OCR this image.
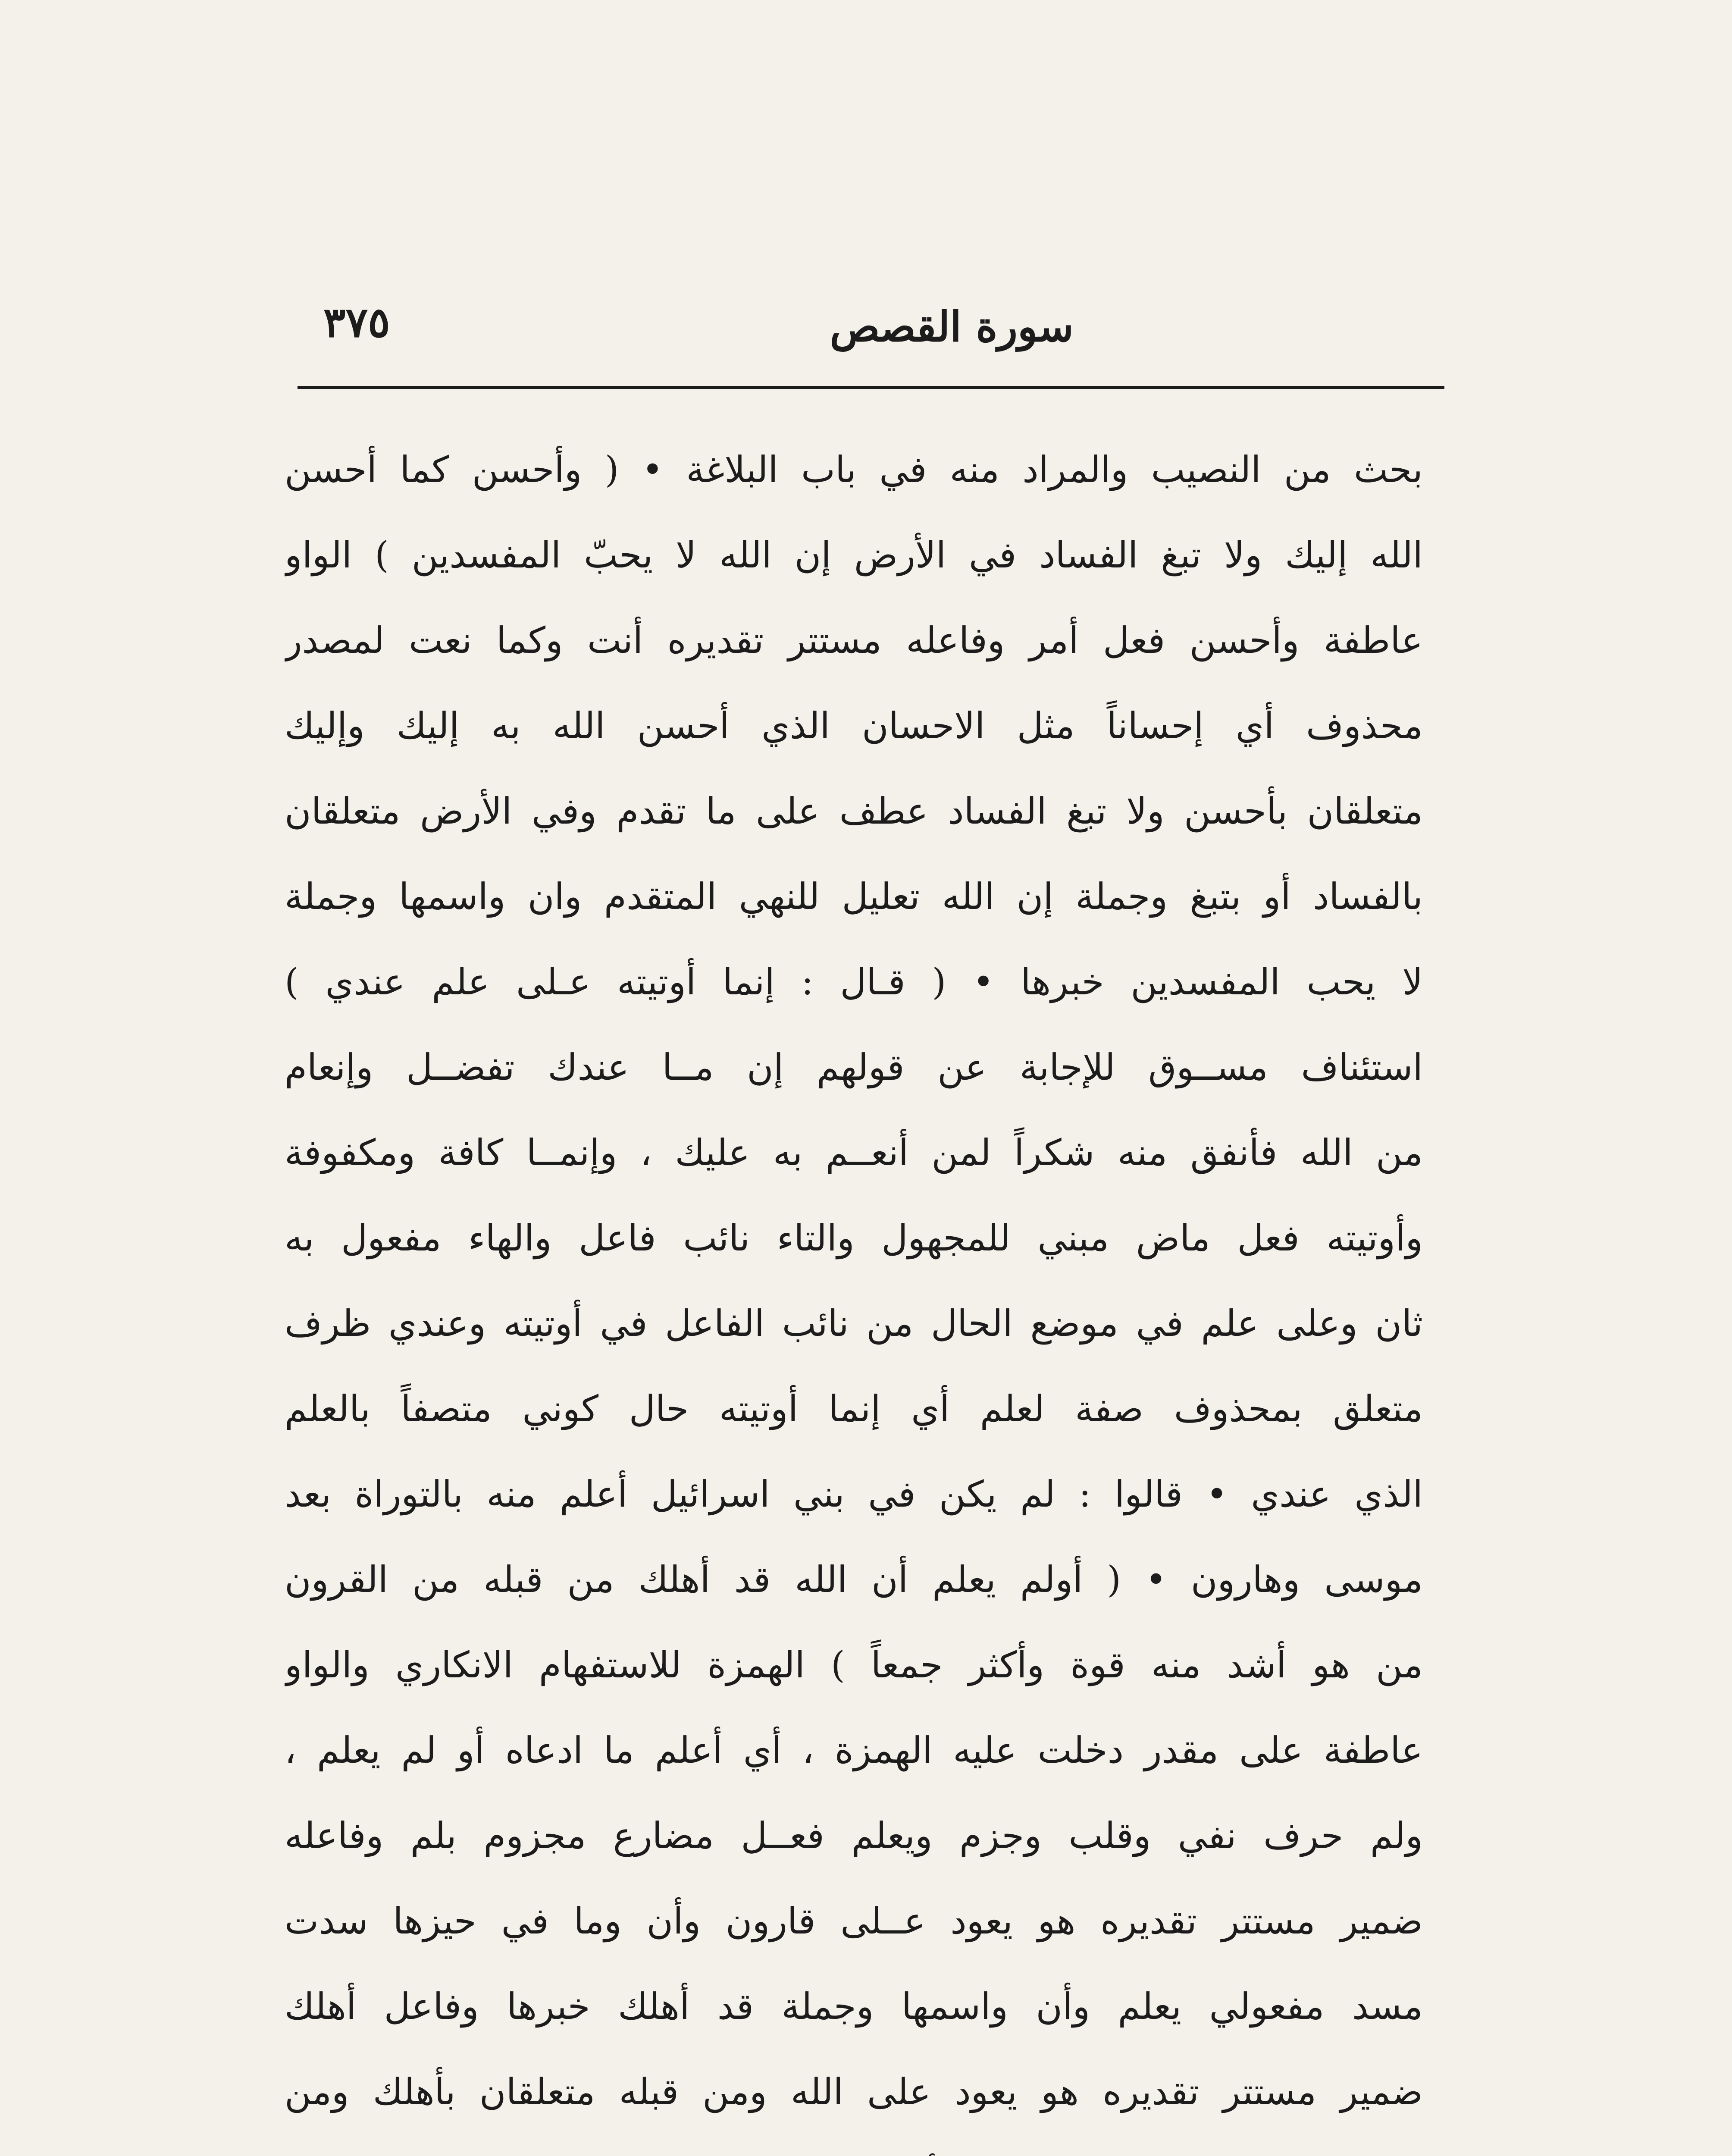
سورة القصص
٣٧٥
بحث من النصيب والمراد منه في باب البلاغة • ( وأحسن كما أحسن
الله إليك ولا تبغ الفساد في الأرض إن الله لا يحبّ المفسدين ) الواو
عاطفة وأحسن فعل أمر وفاعله مستتر تقديره أنت وكما نعت لمصدر
محذوف أي إحساناً مثل الاحسان الذي أحسن الله به إليك وإليك
متعلقان بأحسن ولا تبغ الفساد عطف على ما تقدم وفي الأرض متعلقان
بالفساد أو بتبغ وجملة إن الله تعليل للنهي المتقدم وان واسمها وجملة
لا يحب المفسدين خبرها • ( قـال : إنما أوتيته عـلى علم عندي )
استئناف مســوق للإجابة عن قولهم إن مــا عندك تفضــل وإنعام
من الله فأنفق منه شكراً لمن أنعــم به عليك ، وإنمــا كافة ومكفوفة
وأوتيته فعل ماض مبني للمجهول والتاء نائب فاعل والهاء مفعول به
ثان وعلى علم في موضع الحال من نائب الفاعل في أوتيته وعندي ظرف
متعلق بمحذوف صفة لعلم أي إنما أوتيته حال كوني متصفاً بالعلم
الذي عندي • قالوا : لم يكن في بني اسرائيل أعلم منه بالتوراة بعد
موسى وهارون • ( أولم يعلم أن الله قد أهلك من قبله من القرون
من هو أشد منه قوة وأكثر جمعاً ) الهمزة للاستفهام الانكاري والواو
عاطفة على مقدر دخلت عليه الهمزة ، أي أعلم ما ادعاه أو لم يعلم ،
ولم حرف نفي وقلب وجزم ويعلم فعــل مضارع مجزوم بلم وفاعله
ضمير مستتر تقديره هو يعود عــلى قارون وأن وما في حيزها سدت
مسد مفعولي يعلم وأن واسمها وجملة قد أهلك خبرها وفاعل أهلك
ضمير مستتر تقديره هو يعود على الله ومن قبله متعلقان بأهلك ومن
